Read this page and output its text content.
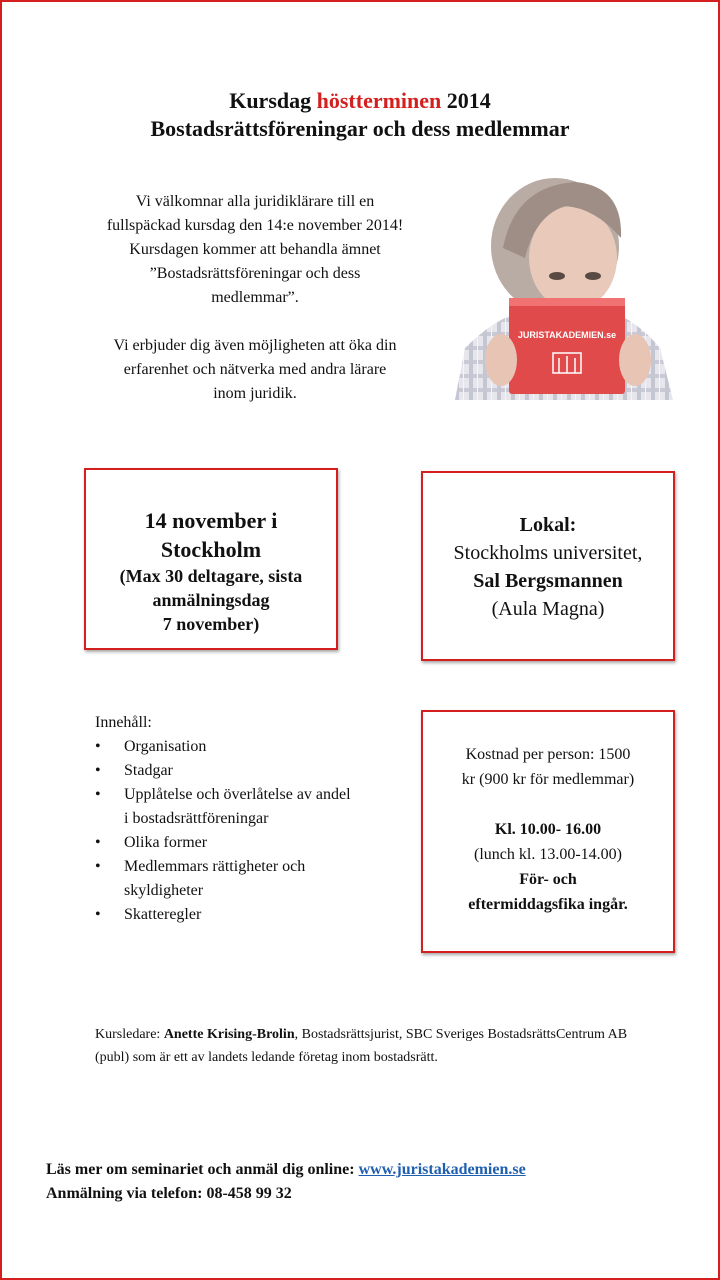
Kursdag höstterminen 2014
Bostadsrättsföreningar och dess medlemmar

Vi välkomnar alla juridiklärare till en
fullspäckad kursdag den 14:e november 2014!
Kursdagen kommer att behandla ämnet
”Bostadsrättsföreningar och dess
medlemmar”.

Vi erbjuder dig även möjligheten att öka din
erfarenhet och nätverka med andra lärare
inom juridik.

JURISTAKADEMIEN.se
14 november i
Stockholm
(Max 30 deltagare, sista
anmälningsdag
7 november)
Lokal:
Stockholms universitet,
Sal Bergsmannen
(Aula Magna)
Innehåll:
• Organisation
• Stadgar
• Upplåtelse och överlåtelse av andel i bostadsrättföreningar
• Olika former
• Medlemmars rättigheter och skyldigheter
• Skatteregler
Kostnad per person: 1500
kr (900 kr för medlemmar)
Kl. 10.00- 16.00
(lunch kl. 13.00-14.00)
För- och
eftermiddagsfika ingår.
Kursledare: Anette Krising-Brolin, Bostadsrättsjurist, SBC Sveriges BostadsrättsCentrum AB (publ) som är ett av landets ledande företag inom bostadsrätt.
Läs mer om seminariet och anmäl dig online: www.juristakademien.se
Anmälning via telefon: 08-458 99 32
